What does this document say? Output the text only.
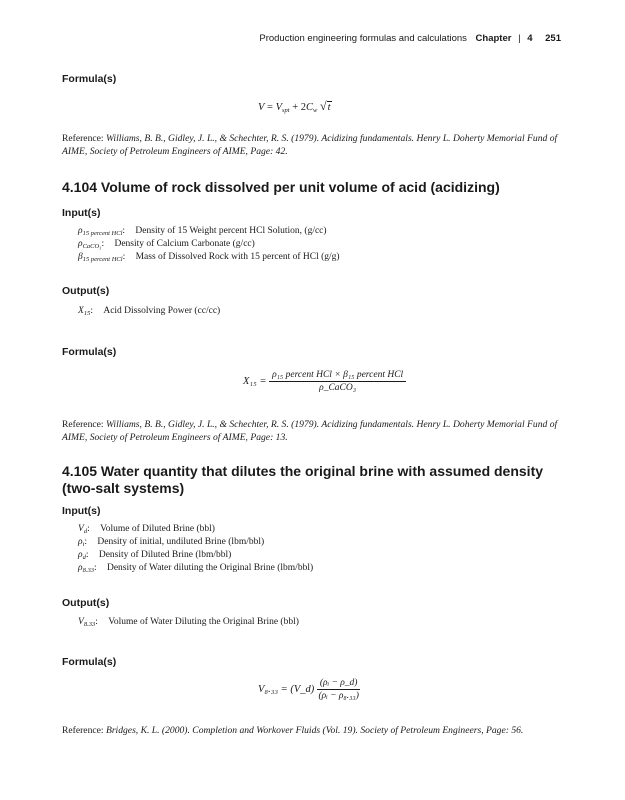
Production engineering formulas and calculations Chapter | 4 251
Formula(s)
$V = V_{spt} + 2C_w$ √t
Reference: Williams, B. B., Gidley, J. L., & Schechter, R. S. (1979). Acidizing fundamentals. Henry L. Doherty Memorial Fund of AIME, Society of Petroleum Engineers of AIME, Page: 42.
4.104 Volume of rock dissolved per unit volume of acid (acidizing)
Input(s)
$\rho_{15 percent HCl}$: Density of 15 Weight percent HCl Solution, (g/cc)
$\rho_{CaCO_3}$: Density of Calcium Carbonate (g/cc)
$\beta_{15 percent HCl}$: Mass of Dissolved Rock with 15 percent of HCl (g/g)
Output(s)
$X_{15}$: Acid Dissolving Power (cc/cc)
Formula(s)
$X_{15} = \frac{\text{ρ₁₅ percent HCl × β₁₅ percent HCl}}{\text{ρ\_CaCO₃}}$
Reference: Williams, B. B., Gidley, J. L., & Schechter, R. S. (1979). Acidizing fundamentals. Henry L. Doherty Memorial Fund of AIME, Society of Petroleum Engineers of AIME, Page: 13.
4.105 Water quantity that dilutes the original brine with assumed density
(two-salt systems)
Input(s)
$V_d$: Volume of Diluted Brine (bbl)
$\rho_i$: Density of initial, undiluted Brine (lbm/bbl)
$\rho_d$: Density of Diluted Brine (lbm/bbl)
$\rho_{8.33}$: Density of Water diluting the Original Brine (lbm/bbl)
Output(s)
$V_{8.33}$: Volume of Water Diluting the Original Brine (bbl)
Formula(s)
V₈.₃₃ = (V_d) $\frac{\text{(ρᵢ − ρ\_d)}}{\text{(ρᵢ − ρ₈.₃₃)}}$
Reference: Bridges, K. L. (2000). Completion and Workover Fluids (Vol. 19). Society of Petroleum Engineers, Page: 56.
